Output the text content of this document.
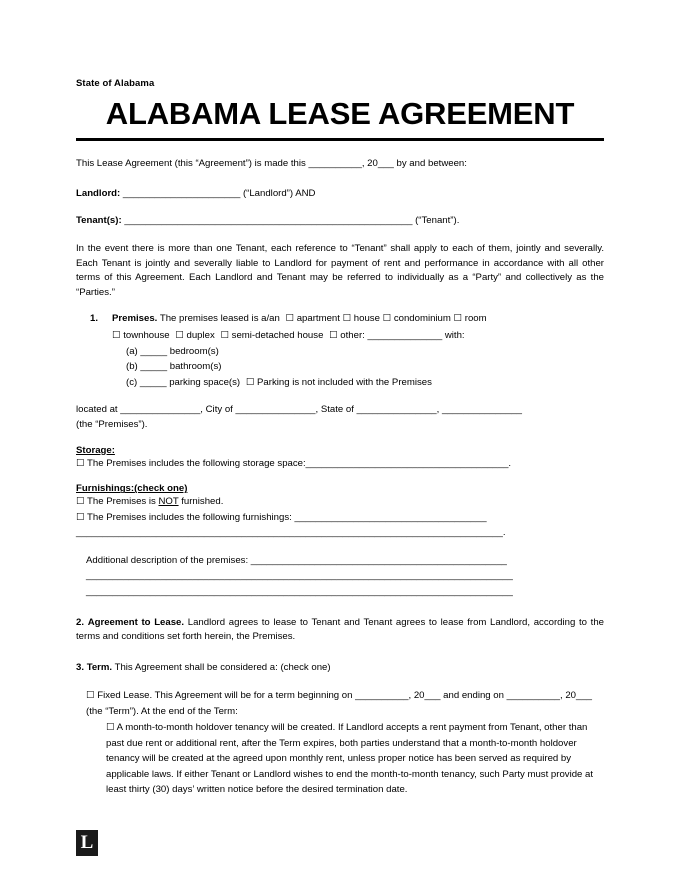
State of Alabama
ALABAMA LEASE AGREEMENT

This Lease Agreement (this “Agreement”) is made this __________, 20___ by and between:

Landlord: ______________________ (“Landlord”) AND
Tenant(s): ______________________________________________________ (“Tenant”).

In the event there is more than one Tenant, each reference to “Tenant” shall apply to each of them, jointly and severally. Each Tenant is jointly and severally liable to Landlord for payment of rent and performance in accordance with all other terms of this Agreement. Each Landlord and Tenant may be referred to individually as a “Party” and collectively as the “Parties.”

1. Premises. The premises leased is a/an  ☐ apartment ☐ house ☐ condominium ☐ room
☐ townhouse  ☐ duplex  ☐ semi-detached house  ☐ other: ______________ with:
(a) _____ bedroom(s)
(b) _____ bathroom(s)
(c) _____ parking space(s)  ☐ Parking is not included with the Premises
located at _______________, City of _______________, State of _______________, _______________
(the “Premises”).
Storage:
☐ The Premises includes the following storage space:______________________________________.
Furnishings:(check one)
☐ The Premises is NOT furnished.
☐ The Premises includes the following furnishings: ____________________________________
________________________________________________________________________________.
Additional description of the premises: ________________________________________________
________________________________________________________________________________
________________________________________________________________________________
2. Agreement to Lease. Landlord agrees to lease to Tenant and Tenant agrees to lease from Landlord, according to the terms and conditions set forth herein, the Premises.
3. Term. This Agreement shall be considered a: (check one)
☐ Fixed Lease. This Agreement will be for a term beginning on __________, 20___ and ending on __________, 20___ (the “Term”). At the end of the Term:
☐ A month-to-month holdover tenancy will be created. If Landlord accepts a rent payment from Tenant, other than past due rent or additional rent, after the Term expires, both parties understand that a month-to-month holdover tenancy will be created at the agreed upon monthly rent, unless proper notice has been served as required by applicable laws. If either Tenant or Landlord wishes to end the month-to-month tenancy, such Party must provide at least thirty (30) days’ written notice before the desired termination date.
L
